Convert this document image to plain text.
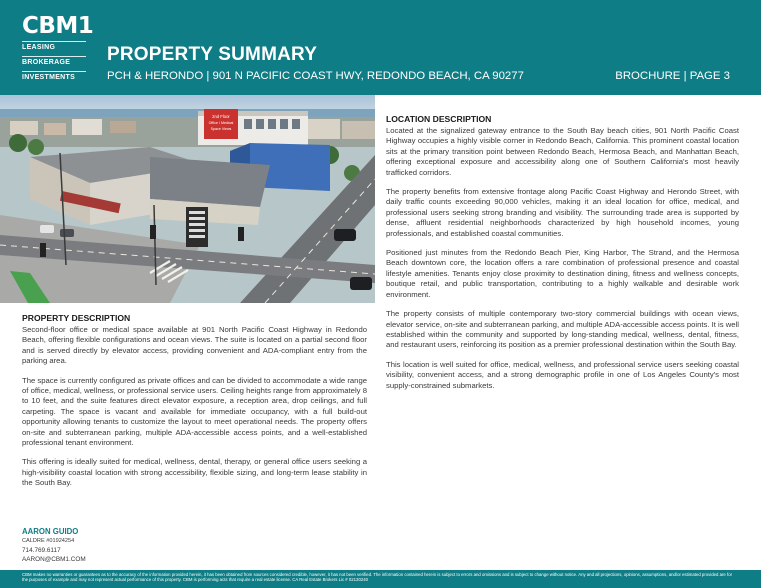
CBM1
LEASING
BROKERAGE
INVESTMENTS
PROPERTY SUMMARY
PCH & HERONDO | 901 N PACIFIC COAST HWY, REDONDO BEACH, CA 90277	BROCHURE | PAGE 3
2nd Floor
Office / Medical
Space Views
PROPERTY DESCRIPTION

Second-floor office or medical space available at 901 North Pacific Coast Highway in Redondo Beach, offering flexible configurations and ocean views. The suite is located on a partial second floor and is served directly by elevator access, providing convenient and ADA-compliant entry from the parking area.

The space is currently configured as private offices and can be divided to accommodate a wide range of office, medical, wellness, or professional service users. Ceiling heights range from approximately 8 to 10 feet, and the suite features direct elevator exposure, a reception area, drop ceilings, and full carpeting. The space is vacant and available for immediate occupancy, with a full build-out opportunity allowing tenants to customize the layout to meet operational needs. The property offers on-site and subterranean parking, multiple ADA-accessible access points, and a well-established professional tenant environment.

This offering is ideally suited for medical, wellness, dental, therapy, or general office users seeking a high-visibility coastal location with strong accessibility, flexible sizing, and long-term lease stability in the South Bay.

LOCATION DESCRIPTION

Located at the signalized gateway entrance to the South Bay beach cities, 901 North Pacific Coast Highway occupies a highly visible corner in Redondo Beach, California. This prominent coastal location sits at the primary transition point between Redondo Beach, Hermosa Beach, and Manhattan Beach, offering exceptional exposure and accessibility along one of Southern California's most heavily trafficked corridors.

The property benefits from extensive frontage along Pacific Coast Highway and Herondo Street, with daily traffic counts exceeding 90,000 vehicles, making it an ideal location for office, medical, and professional users seeking strong branding and visibility. The surrounding trade area is supported by dense, affluent residential neighborhoods characterized by high household incomes, young professionals, and established coastal communities.

Positioned just minutes from the Redondo Beach Pier, King Harbor, The Strand, and the Hermosa Beach downtown core, the location offers a rare combination of professional presence and coastal lifestyle amenities. Tenants enjoy close proximity to destination dining, fitness and wellness concepts, boutique retail, and public transportation, contributing to a highly walkable and desirable work environment.

The property consists of multiple contemporary two-story commercial buildings with ocean views, elevator service, on-site and subterranean parking, and multiple ADA-accessible access points. It is well established within the community and supported by long-standing medical, wellness, dental, fitness, and restaurant users, reinforcing its position as a premier professional destination within the South Bay.

This location is well suited for office, medical, wellness, and professional service users seeking coastal visibility, convenient access, and a strong demographic profile in one of Los Angeles County's most supply-constrained submarkets.

AARON GUIDO
CALDRE #01924254
714.769.6117
AARON@CBM1.COM
CBM makes no warranties or guarantees as to the accuracy of the information provided herein, it has been obtained from sources considered credible, however, it has not been verified. The information contained herein is subject to errors and omissions and is subject to change without notice. Any and all projections, opinions, assumptions, and/or estimated provided are for the purposes of example and may not represent actual performance of this property. CBM is performing acts that require a real estate license. CA Real Estate Brokers Lic # 02130240
